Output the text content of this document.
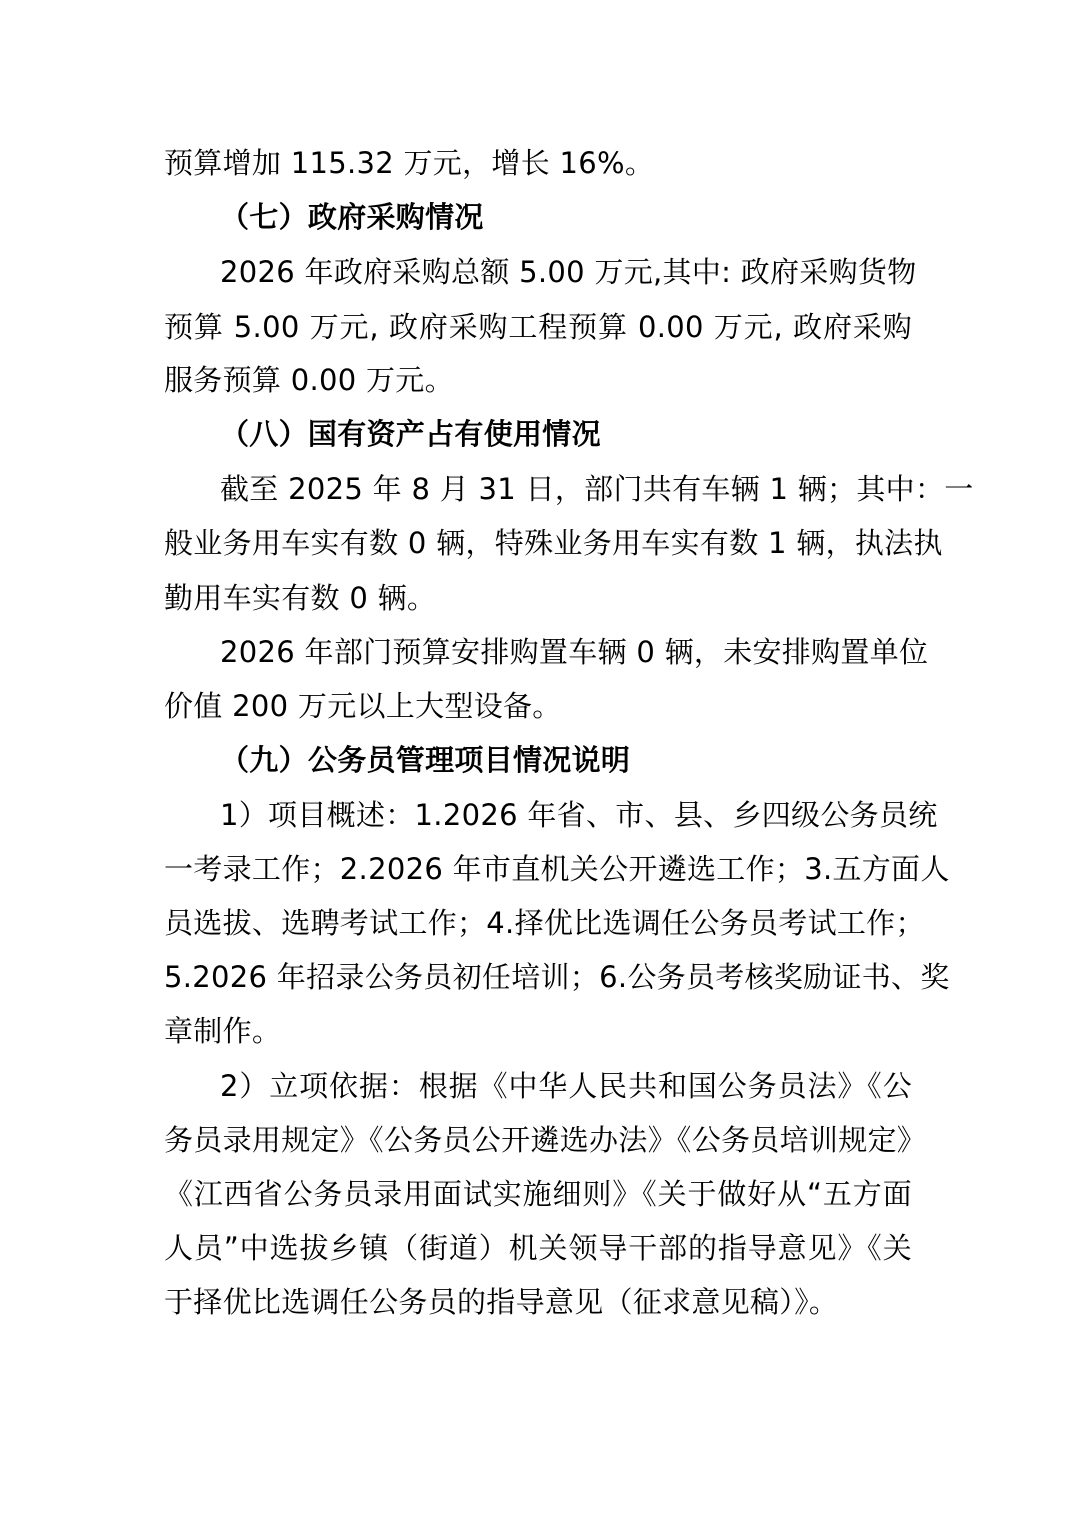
预算增加 115.32 万元，增长 16%。
（七）政府采购情况
2026 年政府采购总额 5.00 万元,其中: 政府采购货物
预算 5.00 万元, 政府采购工程预算 0.00 万元, 政府采购
服务预算 0.00 万元。
（八）国有资产占有使用情况
截至 2025 年 8 月 31 日，部门共有车辆 1 辆；其中：一
般业务用车实有数 0 辆，特殊业务用车实有数 1 辆，执法执
勤用车实有数 0 辆。
2026 年部门预算安排购置车辆 0 辆，未安排购置单位
价值 200 万元以上大型设备。
（九）公务员管理项目情况说明
1）项目概述：1.2026 年省、市、县、乡四级公务员统
一考录工作；2.2026 年市直机关公开遴选工作；3.五方面人
员选拔、选聘考试工作；4.择优比选调任公务员考试工作；
5.2026 年招录公务员初任培训；6.公务员考核奖励证书、奖
章制作。
2）立项依据：根据《中华人民共和国公务员法》《公
务员录用规定》《公务员公开遴选办法》《公务员培训规定》
《江西省公务员录用面试实施细则》《关于做好从“五方面
人员”中选拔乡镇（街道）机关领导干部的指导意见》《关
于择优比选调任公务员的指导意见（征求意见稿）》。
